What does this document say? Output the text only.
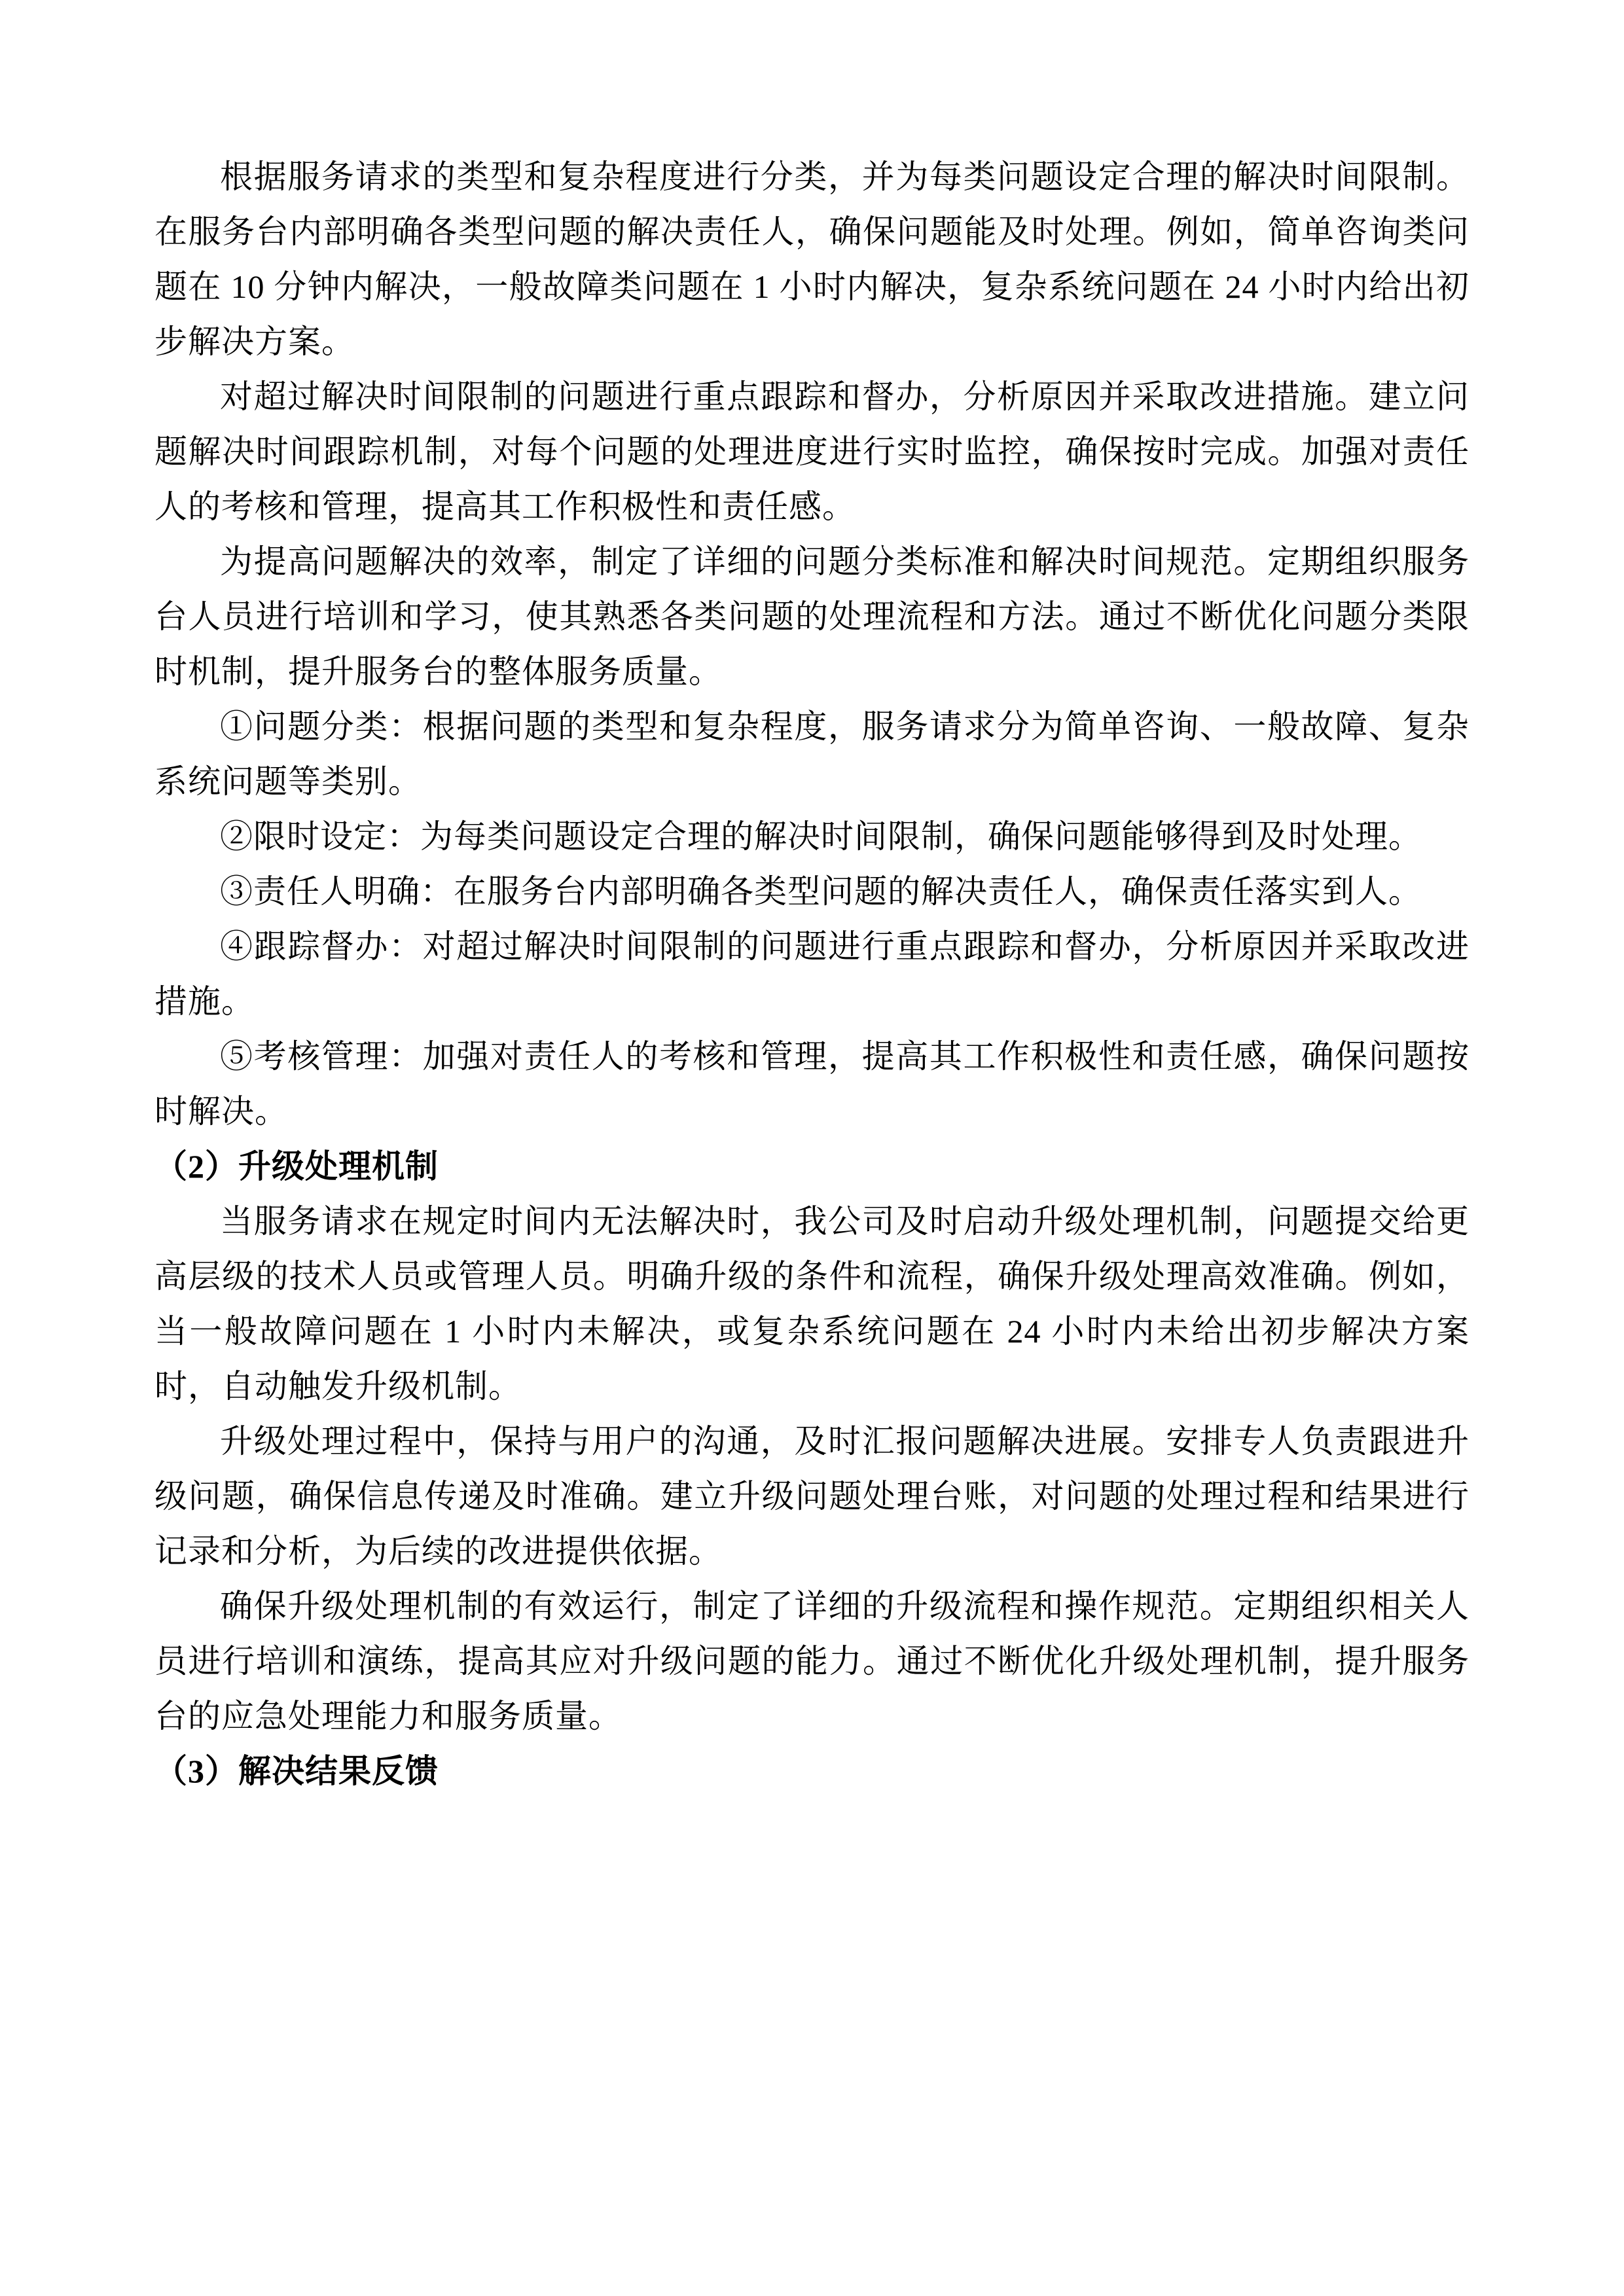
根据服务请求的类型和复杂程度进行分类，并为每类问题设定合理的解决时间限制。在服务台内部明确各类型问题的解决责任人，确保问题能及时处理。例如，简单咨询类问题在 10 分钟内解决，一般故障类问题在 1 小时内解决，复杂系统问题在 24 小时内给出初步解决方案。

对超过解决时间限制的问题进行重点跟踪和督办，分析原因并采取改进措施。建立问题解决时间跟踪机制，对每个问题的处理进度进行实时监控，确保按时完成。加强对责任人的考核和管理，提高其工作积极性和责任感。

为提高问题解决的效率，制定了详细的问题分类标准和解决时间规范。定期组织服务台人员进行培训和学习，使其熟悉各类问题的处理流程和方法。通过不断优化问题分类限时机制，提升服务台的整体服务质量。

①问题分类：根据问题的类型和复杂程度，服务请求分为简单咨询、一般故障、复杂系统问题等类别。

②限时设定：为每类问题设定合理的解决时间限制，确保问题能够得到及时处理。

③责任人明确：在服务台内部明确各类型问题的解决责任人，确保责任落实到人。

④跟踪督办：对超过解决时间限制的问题进行重点跟踪和督办，分析原因并采取改进措施。

⑤考核管理：加强对责任人的考核和管理，提高其工作积极性和责任感，确保问题按时解决。

（2）升级处理机制

当服务请求在规定时间内无法解决时，我公司及时启动升级处理机制，问题提交给更高层级的技术人员或管理人员。明确升级的条件和流程，确保升级处理高效准确。例如，当一般故障问题在 1 小时内未解决，或复杂系统问题在 24 小时内未给出初步解决方案时，自动触发升级机制。

升级处理过程中，保持与用户的沟通，及时汇报问题解决进展。安排专人负责跟进升级问题，确保信息传递及时准确。建立升级问题处理台账，对问题的处理过程和结果进行记录和分析，为后续的改进提供依据。

确保升级处理机制的有效运行，制定了详细的升级流程和操作规范。定期组织相关人员进行培训和演练，提高其应对升级问题的能力。通过不断优化升级处理机制，提升服务台的应急处理能力和服务质量。

（3）解决结果反馈
